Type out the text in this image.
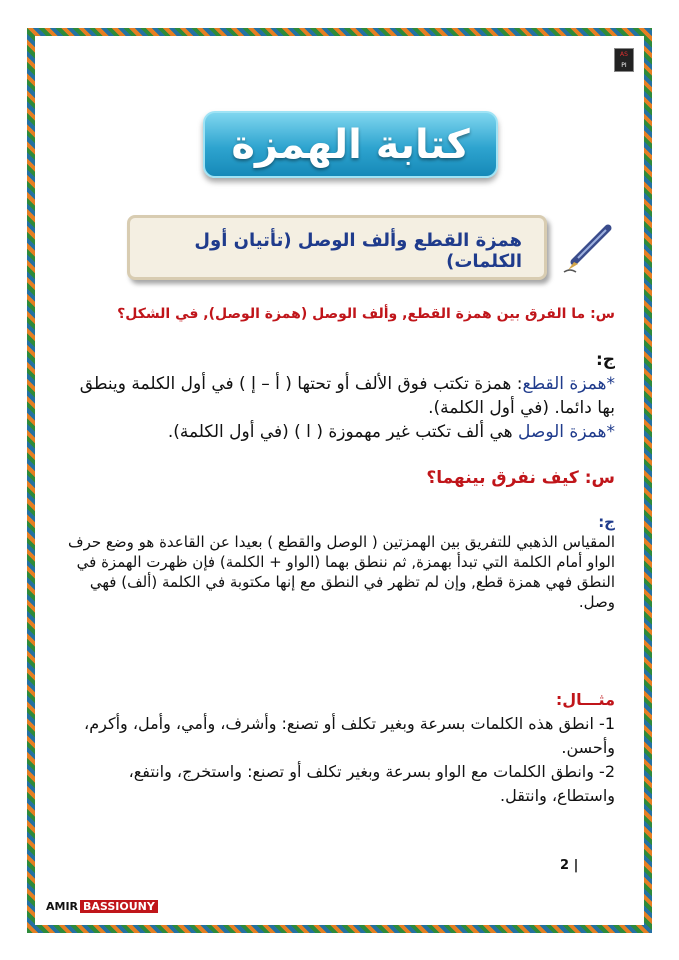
AS
PI
كتابة الهمزة
همزة القطع وألف الوصل (تأتيان أول الكلمات)
س: ما الفرق بين همزة القطع, وألف الوصل (همزة الوصل), في الشكل؟
ج:
*همزة القطع: همزة تكتب فوق الألف أو تحتها ( أ – إ ) في أول الكلمة وينطق بها دائما. (في أول الكلمة).
*همزة الوصل هي ألف تكتب غير مهموزة ( ا ) (في أول الكلمة).
س: كيف نفرق بينهما؟
ج:
المقياس الذهبي للتفريق بين الهمزتين ( الوصل والقطع ) بعيدا عن القاعدة هو وضع حرف الواو أمام الكلمة التي تبدأ بهمزة, ثم ننطق بهما (الواو + الكلمة) فإن ظهرت الهمزة في النطق فهي همزة قطع, وإن لم تظهر في النطق مع إنها مكتوبة في الكلمة (ألف) فهي وصل.
مثـــال:
1- انطق هذه الكلمات بسرعة وبغير تكلف أو تصنع: وأشرف، وأمي، وأمل، وأكرم، وأحسن.
2- وانطق الكلمات مع الواو بسرعة وبغير تكلف أو تصنع: واستخرج، وانتفع، واستطاع، وانتقل.
2 |
AMIR BASSIOUNY
